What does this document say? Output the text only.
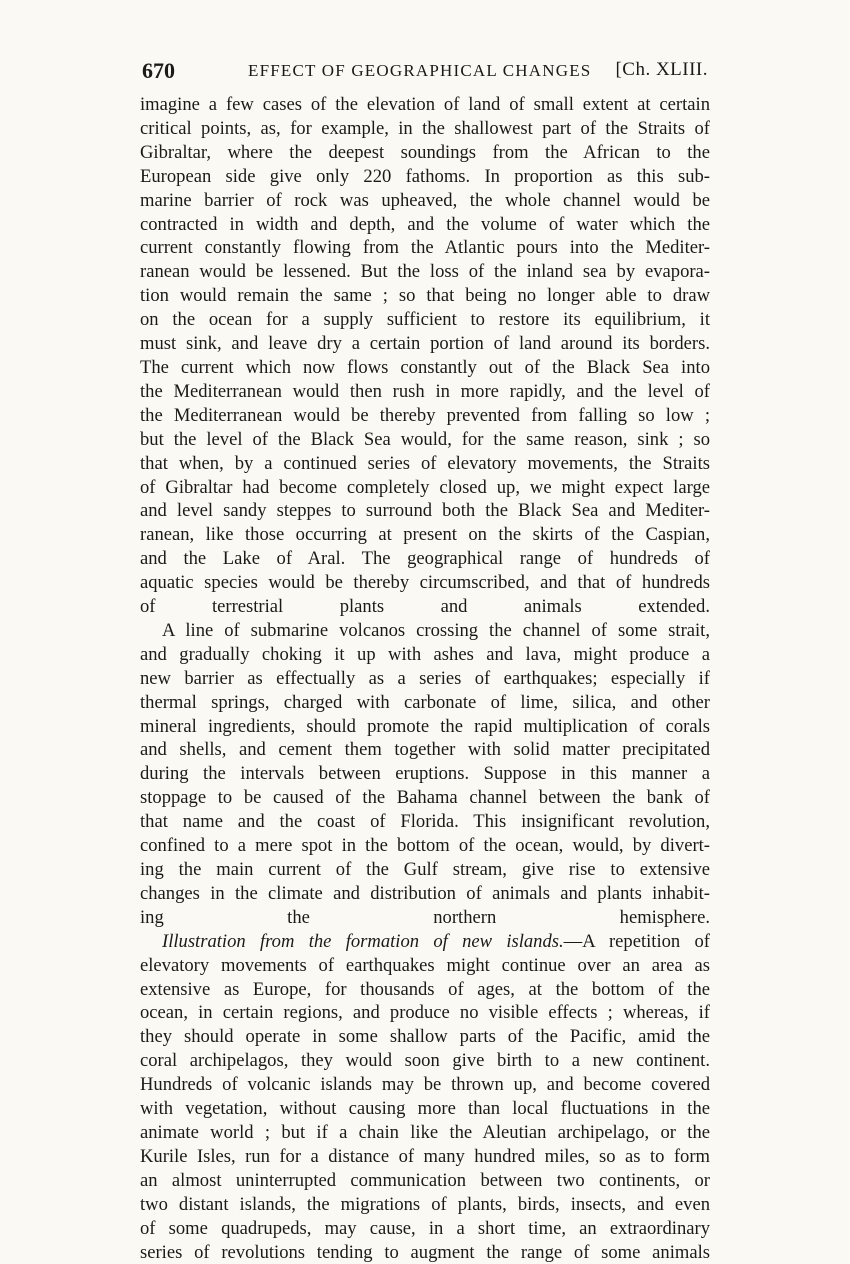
670	EFFECT OF GEOGRAPHICAL CHANGES [Ch. XLIII.

imagine a few cases of the elevation of land of small extent at certain
critical points, as, for example, in the shallowest part of the Straits of
Gibraltar, where the deepest soundings from the African to the
European side give only 220 fathoms. In proportion as this sub-
marine barrier of rock was upheaved, the whole channel would be
contracted in width and depth, and the volume of water which the
current constantly flowing from the Atlantic pours into the Mediter-
ranean would be lessened. But the loss of the inland sea by evapora-
tion would remain the same ; so that being no longer able to draw
on the ocean for a supply sufficient to restore its equilibrium, it
must sink, and leave dry a certain portion of land around its borders.
The current which now flows constantly out of the Black Sea into
the Mediterranean would then rush in more rapidly, and the level of
the Mediterranean would be thereby prevented from falling so low ;
but the level of the Black Sea would, for the same reason, sink ; so
that when, by a continued series of elevatory movements, the Straits
of Gibraltar had become completely closed up, we might expect large
and level sandy steppes to surround both the Black Sea and Mediter-
ranean, like those occurring at present on the skirts of the Caspian,
and the Lake of Aral. The geographical range of hundreds of
aquatic species would be thereby circumscribed, and that of hundreds
of terrestrial plants and animals extended.

A line of submarine volcanos crossing the channel of some strait,
and gradually choking it up with ashes and lava, might produce a
new barrier as effectually as a series of earthquakes; especially if
thermal springs, charged with carbonate of lime, silica, and other
mineral ingredients, should promote the rapid multiplication of corals
and shells, and cement them together with solid matter precipitated
during the intervals between eruptions. Suppose in this manner a
stoppage to be caused of the Bahama channel between the bank of
that name and the coast of Florida. This insignificant revolution,
confined to a mere spot in the bottom of the ocean, would, by divert-
ing the main current of the Gulf stream, give rise to extensive
changes in the climate and distribution of animals and plants inhabit-
ing the northern hemisphere.

Illustration from the formation of new islands.—A repetition of
elevatory movements of earthquakes might continue over an area as
extensive as Europe, for thousands of ages, at the bottom of the
ocean, in certain regions, and produce no visible effects ; whereas, if
they should operate in some shallow parts of the Pacific, amid the
coral archipelagos, they would soon give birth to a new continent.
Hundreds of volcanic islands may be thrown up, and become covered
with vegetation, without causing more than local fluctuations in the
animate world ; but if a chain like the Aleutian archipelago, or the
Kurile Isles, run for a distance of many hundred miles, so as to form
an almost uninterrupted communication between two continents, or
two distant islands, the migrations of plants, birds, insects, and even
of some quadrupeds, may cause, in a short time, an extraordinary
series of revolutions tending to augment the range of some animals
